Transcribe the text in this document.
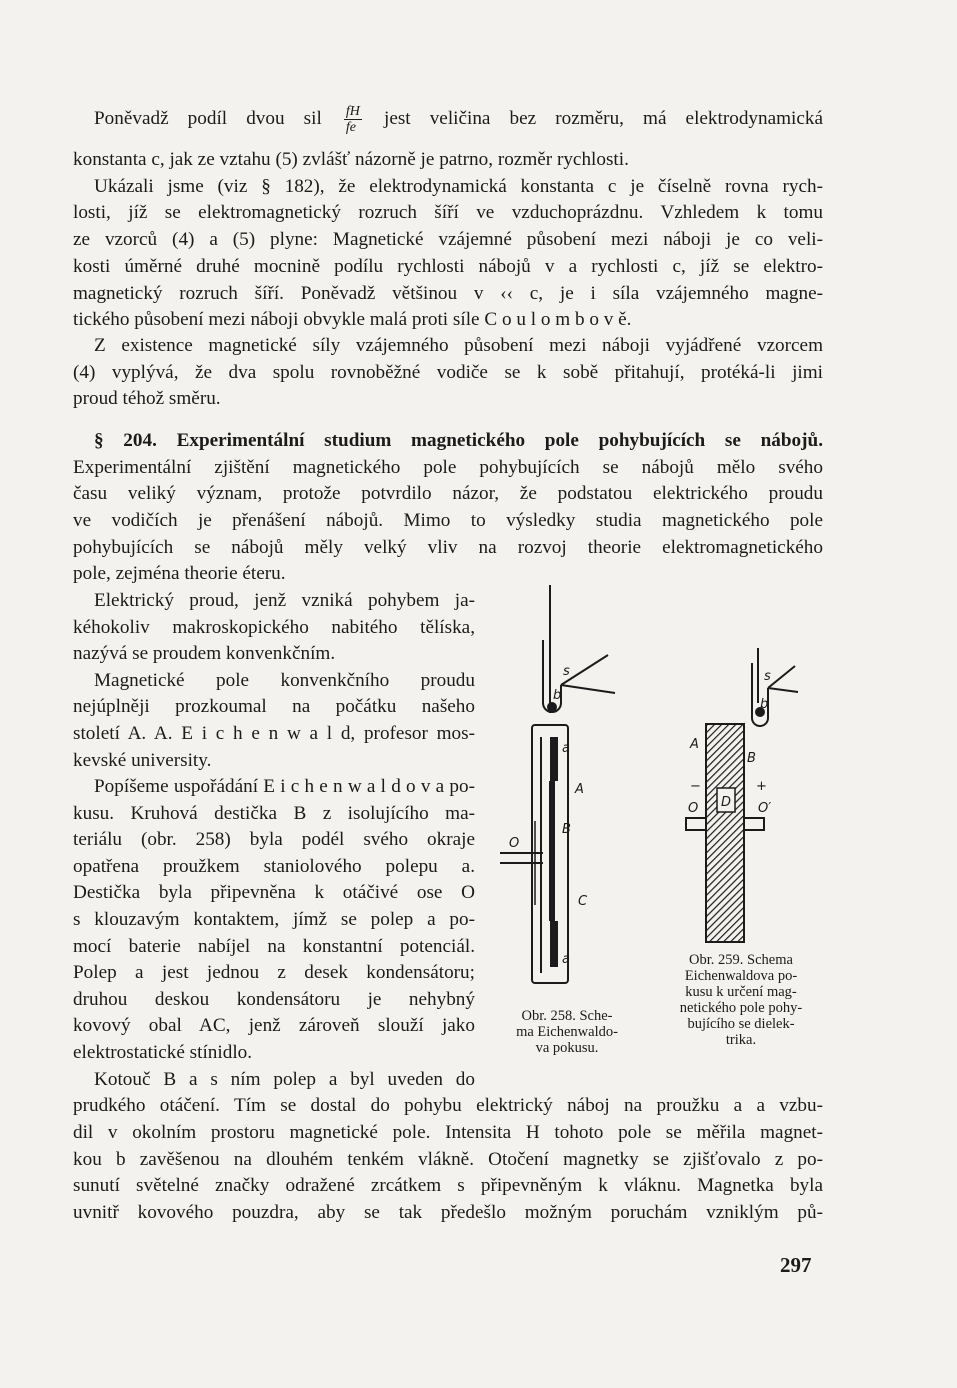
Poněvadž podíl dvou sil $\frac{fH}{fe}$ jest veličina bez rozměru, má elektrodynamická
konstanta c, jak ze vztahu (5) zvlášť názorně je patrno, rozměr rychlosti.
Ukázali jsme (viz § 182), že elektrodynamická konstanta c je číselně rovna rych-
losti, jíž se elektromagnetický rozruch šíří ve vzduchoprázdnu. Vzhledem k tomu
ze vzorců (4) a (5) plyne: Magnetické vzájemné působení mezi náboji je co veli-
kosti úměrné druhé mocnině podílu rychlosti nábojů v a rychlosti c, jíž se elektro-
magnetický rozruch šíří. Poněvadž většinou v ‹‹ c, je i síla vzájemného magne-
tického působení mezi náboji obvykle malá proti síle C o u l o m b o v ě.
Z existence magnetické síly vzájemného působení mezi náboji vyjádřené vzorcem
(4) vyplývá, že dva spolu rovnoběžné vodiče se k sobě přitahují, protéká-li jimi
proud téhož směru.
§ 204. Experimentální studium magnetického pole pohybujících se nábojů.
Experimentální zjištění magnetického pole pohybujících se nábojů mělo svého
času veliký význam, protože potvrdilo názor, že podstatou elektrického proudu
ve vodičích je přenášení nábojů. Mimo to výsledky studia magnetického pole
pohybujících se nábojů měly velký vliv na rozvoj theorie elektromagnetického
pole, zejména theorie éteru.
Elektrický proud, jenž vzniká pohybem ja-
kéhokoliv makroskopického nabitého tělíska,
nazývá se proudem konvenkčním.
Magnetické pole konvenkčního proudu
nejúplněji prozkoumal na počátku našeho
století A. A. E i c h e n w a l d, profesor mos-
kevské university.
Popíšeme uspořádání E i c h e n w a l d o v a po-
kusu. Kruhová destička B z isolujícího ma-
teriálu (obr. 258) byla podél svého okraje
opatřena proužkem staniolového polepu a.
Destička byla připevněna k otáčivé ose O
s klouzavým kontaktem, jímž se polep a po-
mocí baterie nabíjel na konstantní potenciál.
Polep a jest jednou z desek kondensátoru;
druhou deskou kondensátoru je nehybný
kovový obal AC, jenž zároveň slouží jako
elektrostatické stínidlo.
Kotouč B a s ním polep a byl uveden do
prudkého otáčení. Tím se dostal do pohybu elektrický náboj na proužku a a vzbu-
dil v okolním prostoru magnetické pole. Intensita H tohoto pole se měřila magnet-
kou b zavěšenou na dlouhém tenkém vlákně. Otočení magnetky se zjišťovalo z po-
sunutí světelné značky odražené zrcátkem s připevněným k vláknu. Magnetka byla
uvnitř kovového pouzdra, aby se tak předešlo možným poruchám vzniklým pů-
s
b
a
A
B
O
C
a
A
B
−	+
O D O′
s
b
Obr. 258. Sche-
ma Eichenwaldo-
va pokusu.
Obr. 259. Schema
Eichenwaldova po-
kusu k určení mag-
netického pole pohy-
bujícího se dielek-
trika.
297
